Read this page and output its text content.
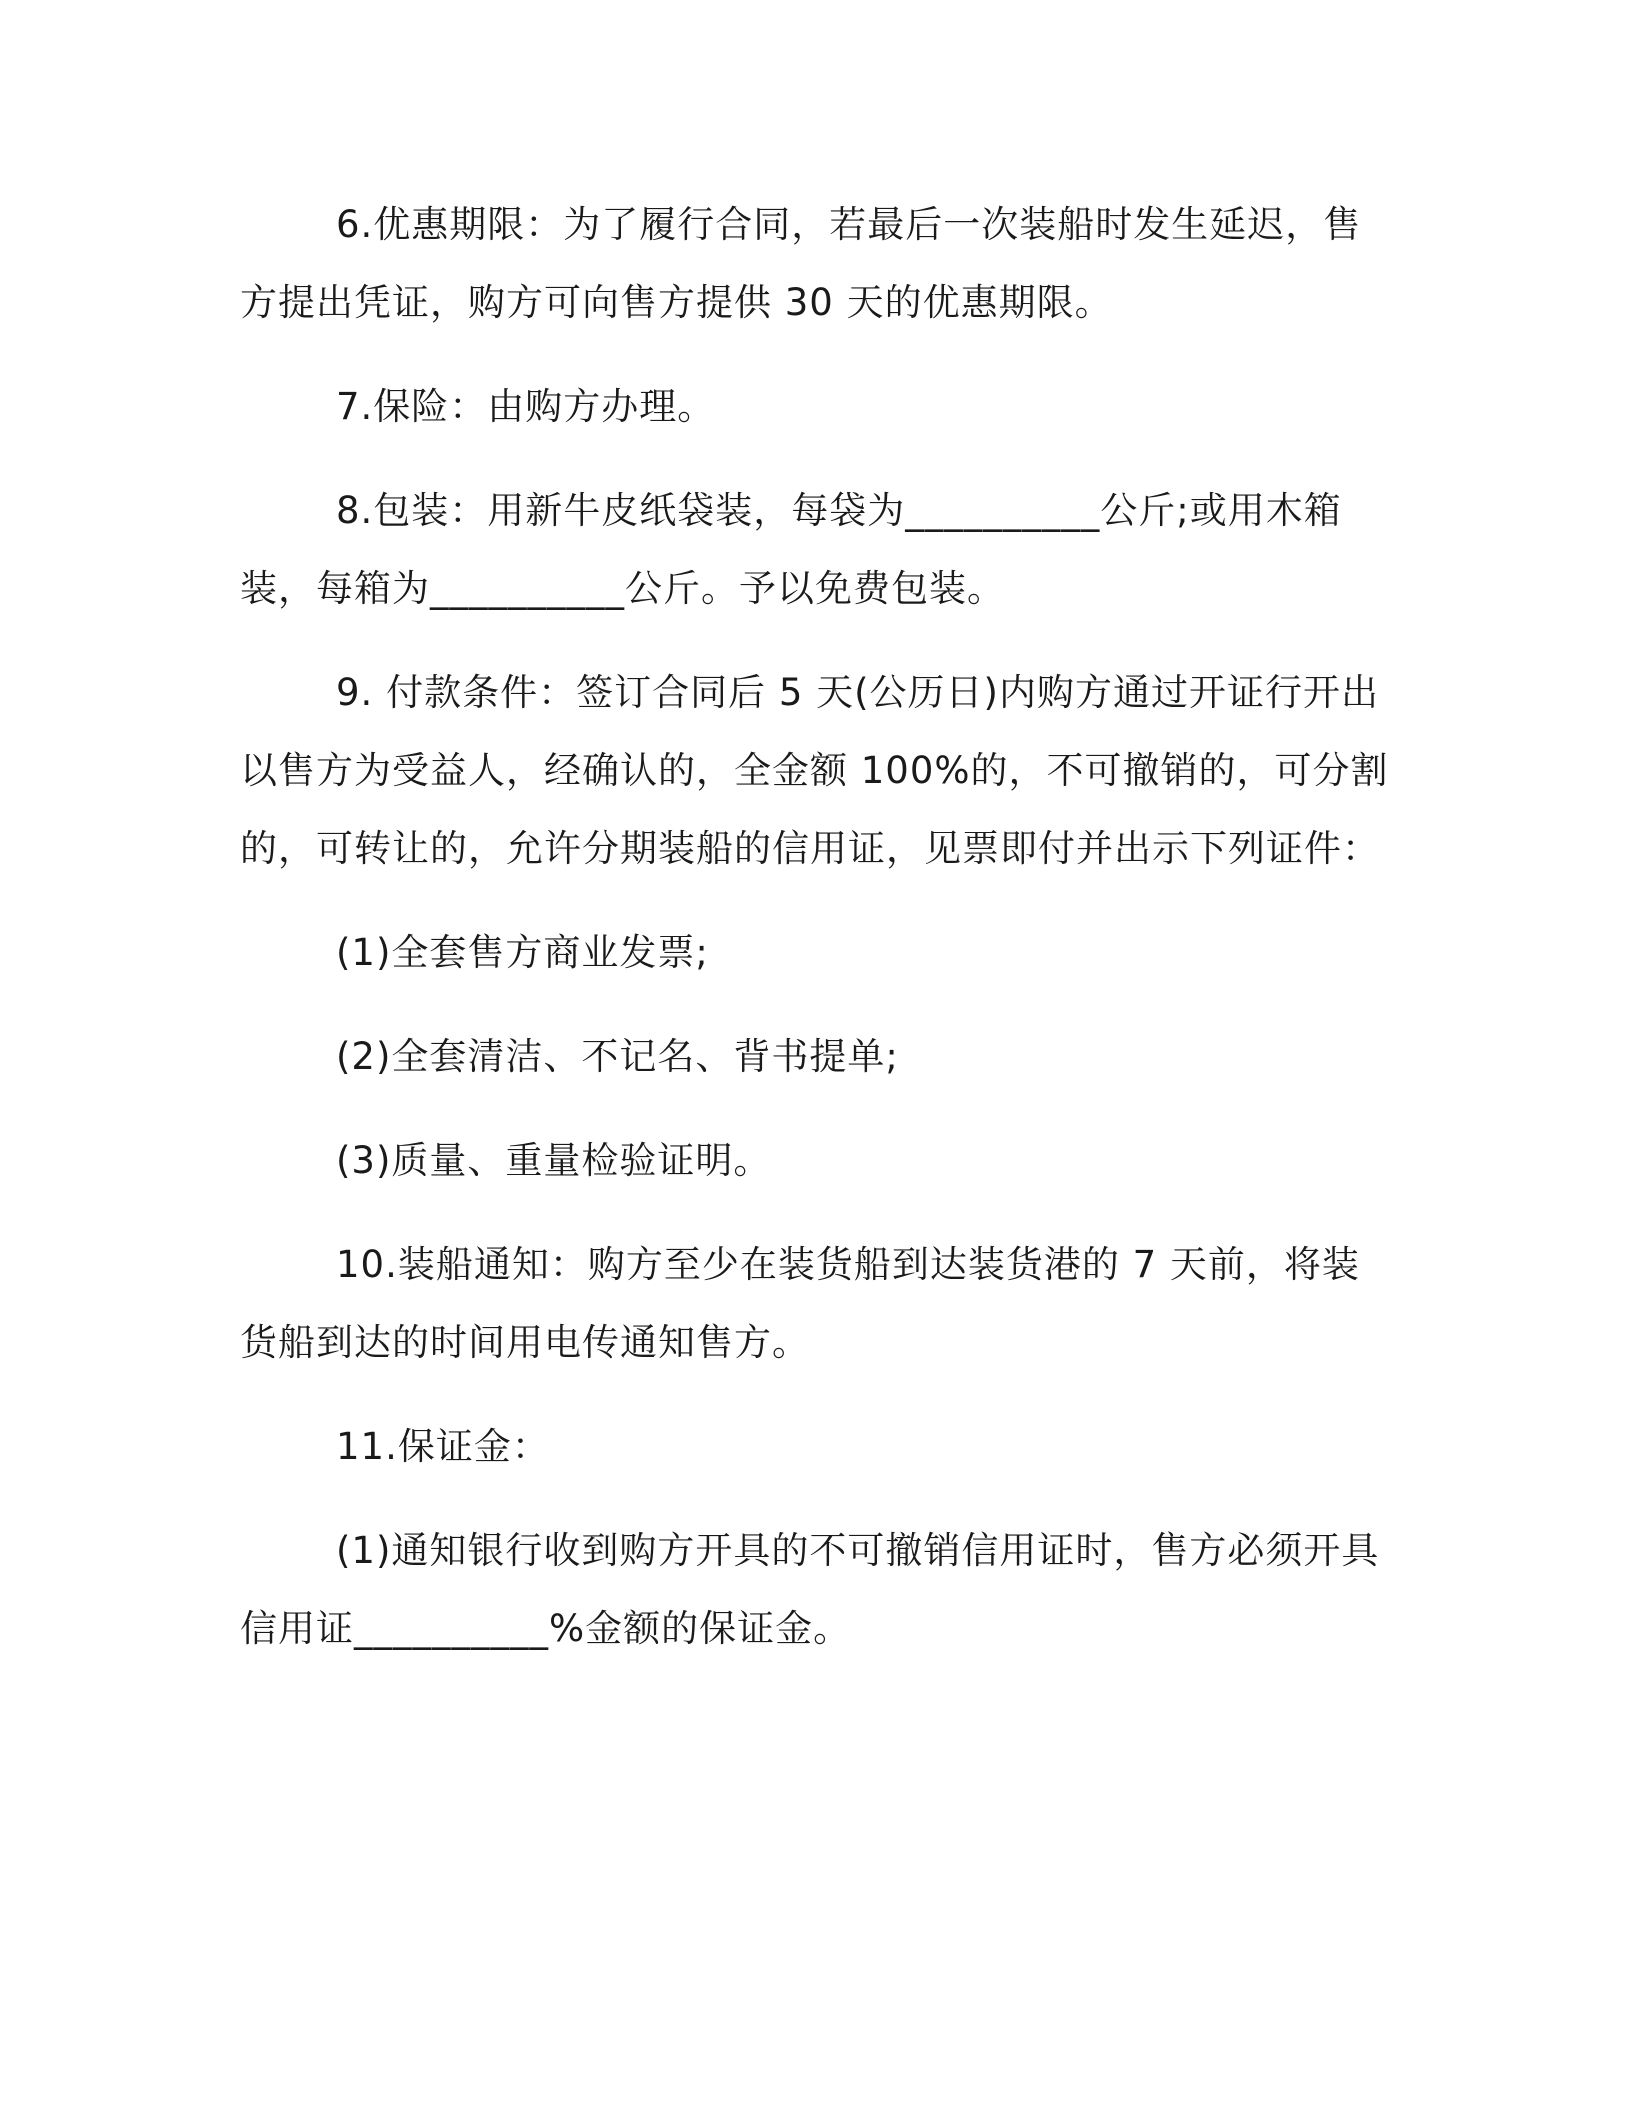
6.优惠期限：为了履行合同，若最后一次装船时发生延迟，售方提出凭证，购方可向售方提供 30 天的优惠期限。

7.保险：由购方办理。

8.包装：用新牛皮纸袋装，每袋为__________公斤;或用木箱装，每箱为__________公斤。予以免费包装。

9. 付款条件：签订合同后 5 天(公历日)内购方通过开证行开出以售方为受益人，经确认的，全金额 100%的，不可撤销的，可分割的，可转让的，允许分期装船的信用证，见票即付并出示下列证件：

(1)全套售方商业发票;

(2)全套清洁、不记名、背书提单;

(3)质量、重量检验证明。

10.装船通知：购方至少在装货船到达装货港的 7 天前，将装货船到达的时间用电传通知售方。

11.保证金：

(1)通知银行收到购方开具的不可撤销信用证时，售方必须开具信用证__________%金额的保证金。
